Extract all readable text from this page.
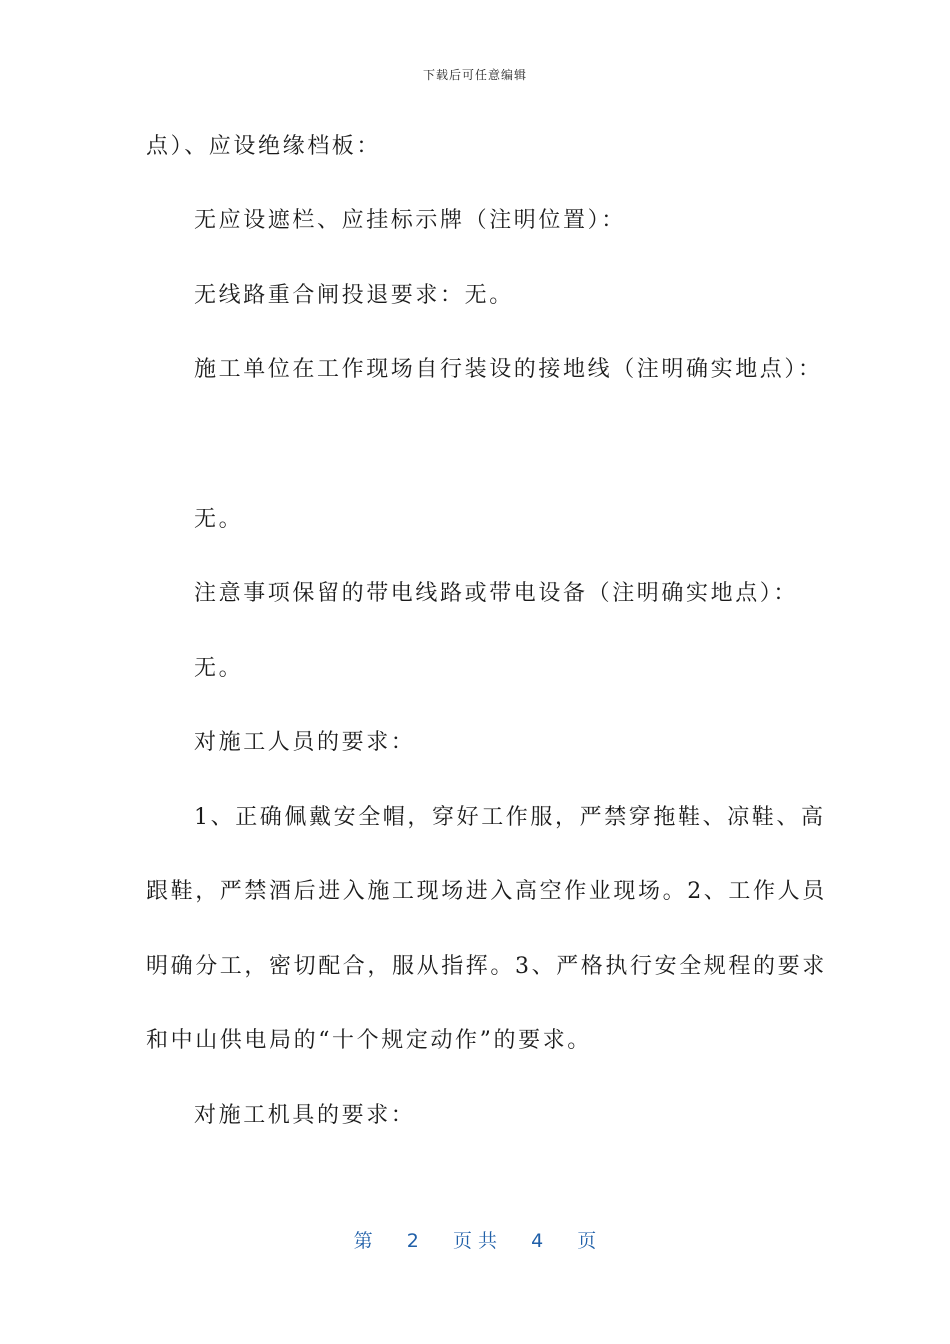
下载后可任意编辑
点）、应设绝缘档板：
无应设遮栏、应挂标示牌（注明位置）：
无线路重合闸投退要求：无。
施工单位在工作现场自行装设的接地线（注明确实地点）：
无。
注意事项保留的带电线路或带电设备（注明确实地点）：
无。
对施工人员的要求：
1、正确佩戴安全帽，穿好工作服，严禁穿拖鞋、凉鞋、高
跟鞋，严禁酒后进入施工现场进入高空作业现场。2、工作人员
明确分工，密切配合，服从指挥。3、严格执行安全规程的要求
和中山供电局的“十个规定动作”的要求。
对施工机具的要求：
第 2 页 共 4 页
